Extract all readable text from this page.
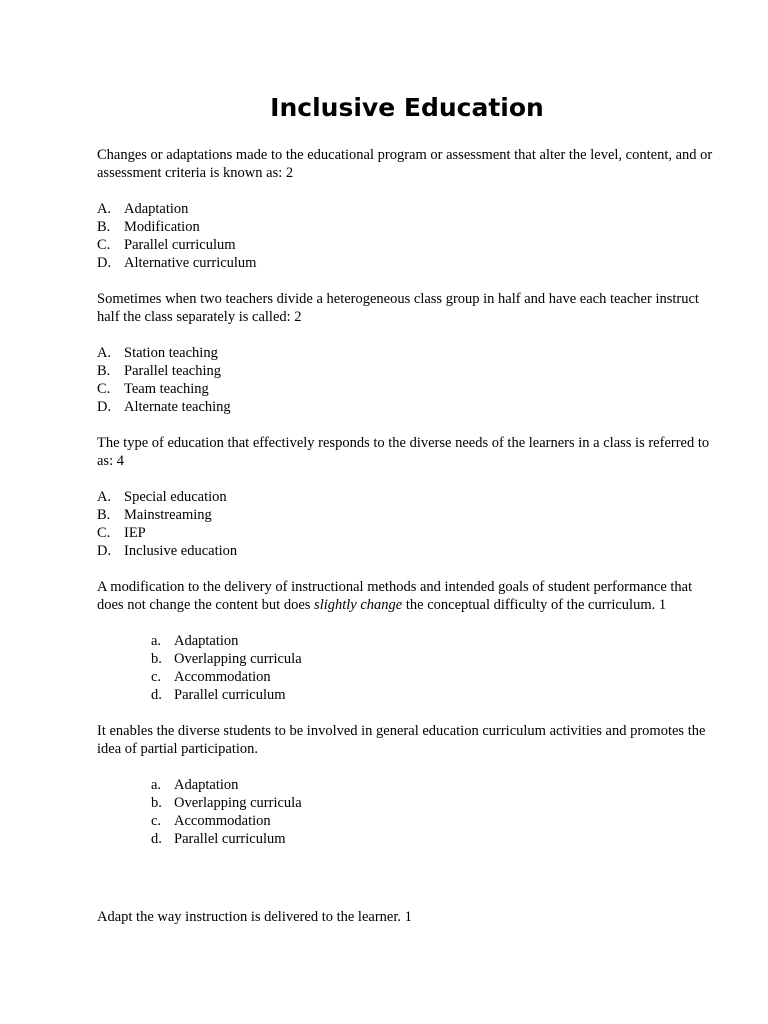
Inclusive Education
Changes or adaptations made to the educational program or assessment that alter the level, content, and or assessment criteria is known as: 2
A. Adaptation
B. Modification
C. Parallel curriculum
D. Alternative curriculum
Sometimes when two teachers divide a heterogeneous class group in half and have each teacher instruct half the class separately is called: 2
A. Station teaching
B. Parallel teaching
C. Team teaching
D. Alternate teaching
The type of education that effectively responds to the diverse needs of the learners in a class is referred to as: 4
A. Special education
B. Mainstreaming
C. IEP
D. Inclusive education
A modification to the delivery of instructional methods and intended goals of student performance that does not change the content but does slightly change the conceptual difficulty of the curriculum. 1
a. Adaptation
b. Overlapping curricula
c. Accommodation
d. Parallel curriculum
It enables the diverse students to be involved in general education curriculum activities and promotes the idea of partial participation.
a. Adaptation
b. Overlapping curricula
c. Accommodation
d. Parallel curriculum
Adapt the way instruction is delivered to the learner. 1
